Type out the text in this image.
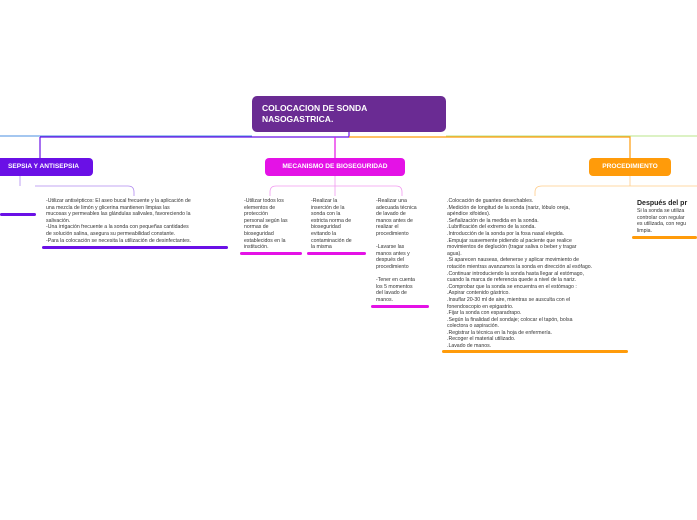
COLOCACION DE SONDA NASOGASTRICA.
SEPSIA Y ANTISEPSIA	MECANISMO DE BIOSEGURIDAD	PROCEDIMIENTO
-Utilizar antisépticos: El aseo bucal frecuente y la aplicación de
una mezcla de limón y glicerina mantienen limpias las
mucosas y permeables las glándulas salivales, favoreciendo la
salivación.
-Una irrigación frecuente a la sonda con pequeñas cantidades
de solución salina, asegura su permeabilidad constante.
-Para la colocación se necesita la utilización de desinfectantes.
-Utilizar todos los
elementos de
protección
personal según las
normas de
bioseguridad
establecidos en la
institución.
-Realizar la
inserción de la
sonda con la
estricta norma de
bioseguridad
evitando la
contaminación de
la misma
-Realizar una
adecuada técnica
de lavado de
manos antes de
realizar el
procedimiento

-Lavarse las
manos antes y
después del
procedimiento

-Tener en cuenta
los 5 momentos
del lavado de
manos.
.Colocación de guantes desechables.
.Medición de longitud de la sonda (nariz, lóbulo oreja,
apéndice xifoides).
.Señalización de la medida en la sonda.
.Lubrificación del extremo de la sonda.
.Introducción de la sonda por la fosa nasal elegida.
.Empujar suavemente pidiendo al paciente que realice
movimientos de deglución (tragar saliva o beber y tragar
agua).
.Si aparecen nauseas, detenerse y aplicar movimiento de
rotación mientras avanzamos la sonda en dirección al esófago.
.Continuar introduciendo la sonda hasta llegar al estómago,
cuando la marca de referencia quede a nivel de la nariz.
.Comprobar que la sonda se encuentra en el estómago :
.Aspirar contenido gástrico.
.Insuflar 20-30 ml de aire, mientras se ausculta con el
fonendoscopio en epigastrio.
.Fijar la sonda con esparadrapo.
.Según la finalidad del sondaje; colocar el tapón, bolsa
colectora o aspiración.
.Registrar la técnica en la hoja de enfermería.
.Recoger el material utilizado.
.Lavado de manos.
Después del pr
Si la sonda se utiliza
controlar con regular
es utilizada, con regu
limpia.
